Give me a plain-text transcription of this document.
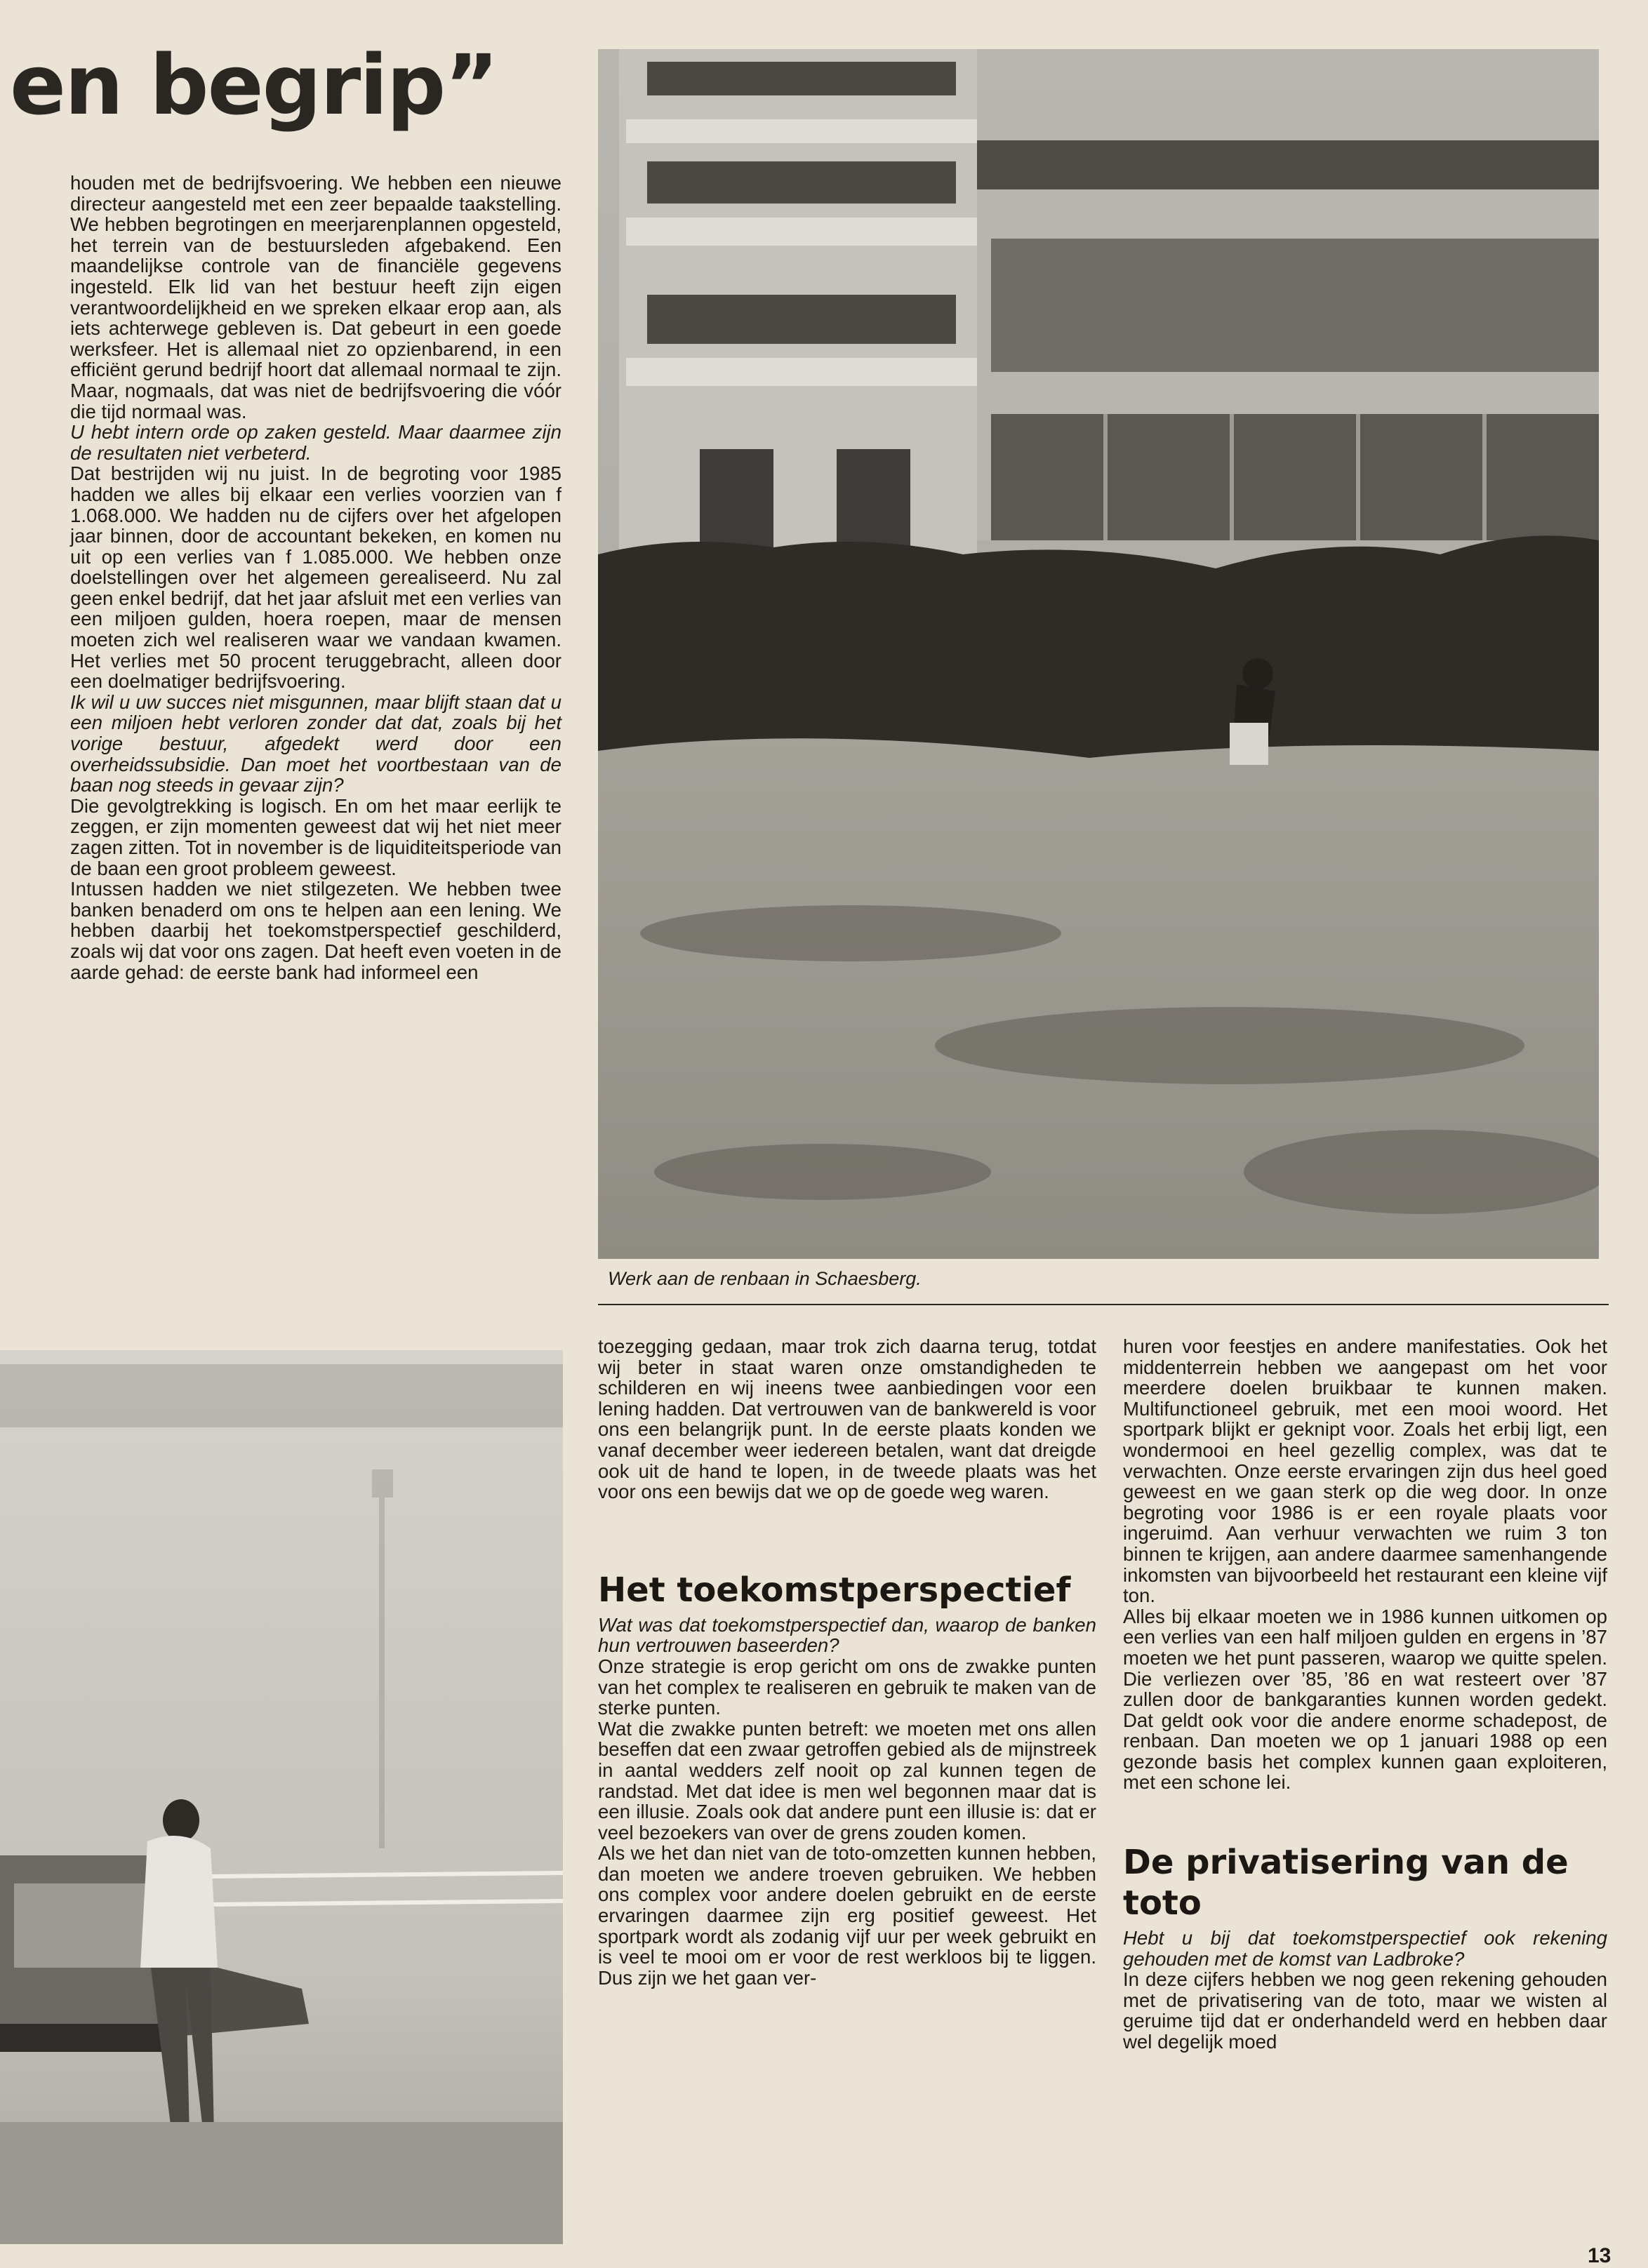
en begrip”

houden met de bedrijfsvoering. We hebben een nieuwe directeur aangesteld met een zeer bepaalde taakstelling. We hebben begrotingen en meerjarenplannen opgesteld, het terrein van de bestuursleden afgebakend. Een maandelijkse controle van de financiële gegevens ingesteld. Elk lid van het bestuur heeft zijn eigen verantwoordelijkheid en we spreken elkaar erop aan, als iets achterwege gebleven is. Dat gebeurt in een goede werksfeer. Het is allemaal niet zo opzienbarend, in een efficiënt gerund bedrijf hoort dat allemaal normaal te zijn. Maar, nogmaals, dat was niet de bedrijfsvoering die vóór die tijd normaal was.

U hebt intern orde op zaken gesteld. Maar daarmee zijn de resultaten niet verbeterd.

Dat bestrijden wij nu juist. In de begroting voor 1985 hadden we alles bij elkaar een verlies voorzien van f 1.068.000. We hadden nu de cijfers over het afgelopen jaar binnen, door de accountant bekeken, en komen nu uit op een verlies van f 1.085.000. We hebben onze doelstellingen over het algemeen gerealiseerd. Nu zal geen enkel bedrijf, dat het jaar afsluit met een verlies van een miljoen gulden, hoera roepen, maar de mensen moeten zich wel realiseren waar we vandaan kwamen. Het verlies met 50 procent teruggebracht, alleen door een doelmatiger bedrijfsvoering.

Ik wil u uw succes niet misgunnen, maar blijft staan dat u een miljoen hebt verloren zonder dat dat, zoals bij het vorige bestuur, afgedekt werd door een overheidssubsidie. Dan moet het voortbestaan van de baan nog steeds in gevaar zijn?

Die gevolgtrekking is logisch. En om het maar eerlijk te zeggen, er zijn momenten geweest dat wij het niet meer zagen zitten. Tot in november is de liquiditeitsperiode van de baan een groot probleem geweest.

Intussen hadden we niet stilgezeten. We hebben twee banken benaderd om ons te helpen aan een lening. We hebben daarbij het toekomstperspectief geschilderd, zoals wij dat voor ons zagen. Dat heeft even voeten in de aarde gehad: de eerste bank had informeel een

Werk aan de renbaan in Schaesberg.

toezegging gedaan, maar trok zich daarna terug, totdat wij beter in staat waren onze omstandigheden te schilderen en wij ineens twee aanbiedingen voor een lening hadden. Dat vertrouwen van de bankwereld is voor ons een belangrijk punt. In de eerste plaats konden we vanaf december weer iedereen betalen, want dat dreigde ook uit de hand te lopen, in de tweede plaats was het voor ons een bewijs dat we op de goede weg waren.

Het toekomstperspectief

Wat was dat toekomstperspectief dan, waarop de banken hun vertrouwen baseerden?

Onze strategie is erop gericht om ons de zwakke punten van het complex te realiseren en gebruik te maken van de sterke punten.

Wat die zwakke punten betreft: we moeten met ons allen beseffen dat een zwaar getroffen gebied als de mijnstreek in aantal wedders zelf nooit op zal kunnen tegen de randstad. Met dat idee is men wel begonnen maar dat is een illusie. Zoals ook dat andere punt een illusie is: dat er veel bezoekers van over de grens zouden komen.

Als we het dan niet van de toto-omzetten kunnen hebben, dan moeten we andere troeven gebruiken. We hebben ons complex voor andere doelen gebruikt en de eerste ervaringen daarmee zijn erg positief geweest. Het sportpark wordt als zodanig vijf uur per week gebruikt en is veel te mooi om er voor de rest werkloos bij te liggen. Dus zijn we het gaan ver-

huren voor feestjes en andere manifestaties. Ook het middenterrein hebben we aangepast om het voor meerdere doelen bruikbaar te kunnen maken. Multifunctioneel gebruik, met een mooi woord. Het sportpark blijkt er geknipt voor. Zoals het erbij ligt, een wondermooi en heel gezellig complex, was dat te verwachten. Onze eerste ervaringen zijn dus heel goed geweest en we gaan sterk op die weg door. In onze begroting voor 1986 is er een royale plaats voor ingeruimd. Aan verhuur verwachten we ruim 3 ton binnen te krijgen, aan andere daarmee samenhangende inkomsten van bijvoorbeeld het restaurant een kleine vijf ton.

Alles bij elkaar moeten we in 1986 kunnen uitkomen op een verlies van een half miljoen gulden en ergens in ’87 moeten we het punt passeren, waarop we quitte spelen. Die verliezen over ’85, ’86 en wat resteert over ’87 zullen door de bankgaranties kunnen worden gedekt. Dat geldt ook voor die andere enorme schadepost, de renbaan. Dan moeten we op 1 januari 1988 op een gezonde basis het complex kunnen gaan exploiteren, met een schone lei.

De privatisering van de toto

Hebt u bij dat toekomstperspectief ook rekening gehouden met de komst van Ladbroke?

In deze cijfers hebben we nog geen rekening gehouden met de privatisering van de toto, maar we wisten al geruime tijd dat er onderhandeld werd en hebben daar wel degelijk moed

13
